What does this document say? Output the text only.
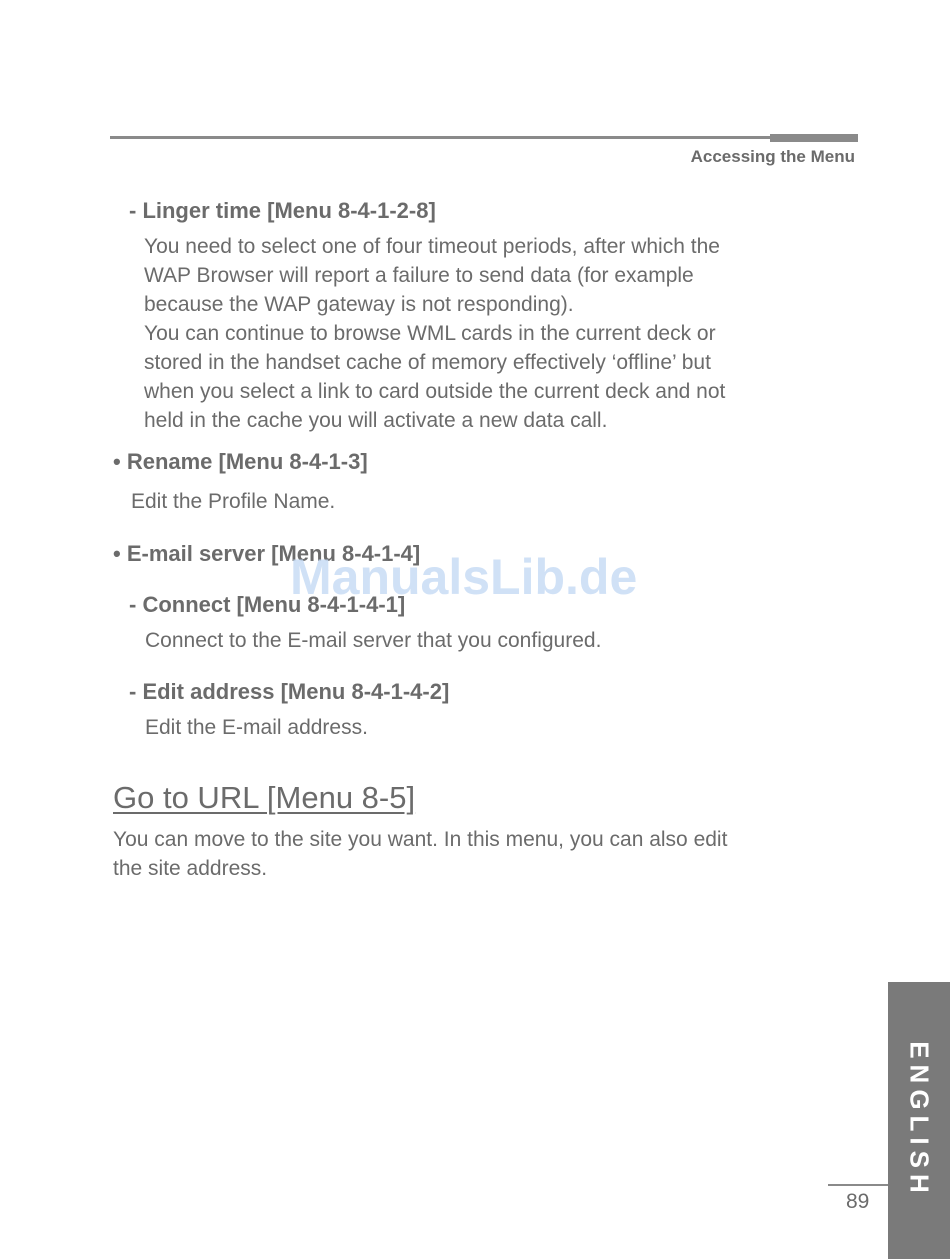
Accessing the Menu
- Linger time [Menu 8-4-1-2-8]
You need to select one of four timeout periods, after which the
WAP Browser will report a failure to send data (for example
because the WAP gateway is not responding).
You can continue to browse WML cards in the current deck or
stored in the handset cache of memory effectively ‘offline’ but
when you select a link to card outside the current deck and not
held in the cache you will activate a new data call.
• Rename [Menu 8-4-1-3]
Edit the Profile Name.
• E-mail server [Menu 8-4-1-4]
- Connect [Menu 8-4-1-4-1]
Connect to the E-mail server that you configured.
- Edit address [Menu 8-4-1-4-2]
Edit the E-mail address.
Go to URL [Menu 8-5]
You can move to the site you want. In this menu, you can also edit
the site address.
ManualsLib.de
ENGLISH
89
